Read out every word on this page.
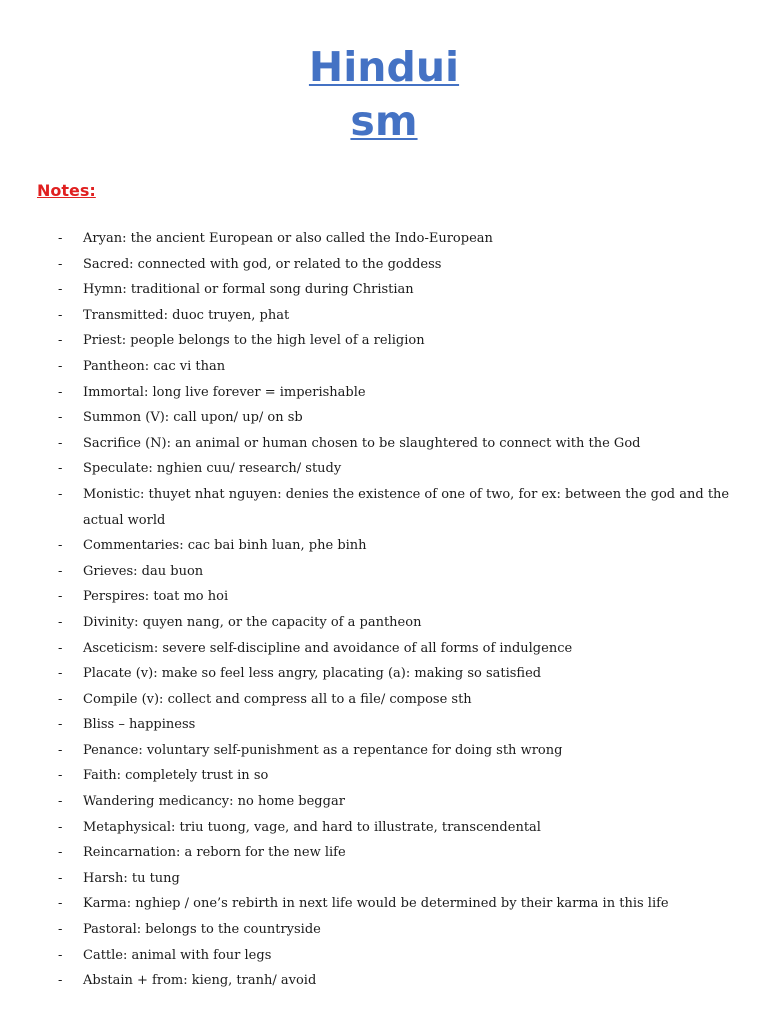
Hindui
sm
Notes:
- Aryan: the ancient European or also called the Indo-European
- Sacred: connected with god, or related to the goddess
- Hymn: traditional or formal song during Christian
- Transmitted: duoc truyen, phat
- Priest: people belongs to the high level of a religion
- Pantheon: cac vi than
- Immortal: long live forever = imperishable
- Summon (V): call upon/ up/ on sb
- Sacrifice (N): an animal or human chosen to be slaughtered to connect with the God
- Speculate: nghien cuu/ research/ study
- Monistic: thuyet nhat nguyen: denies the existence of one of two, for ex: between the god and the actual world
- Commentaries: cac bai binh luan, phe binh
- Grieves: dau buon
- Perspires: toat mo hoi
- Divinity: quyen nang, or the capacity of a pantheon
- Asceticism: severe self-discipline and avoidance of all forms of indulgence
- Placate (v): make so feel less angry, placating (a): making so satisfied
- Compile (v): collect and compress all to a file/ compose sth
- Bliss – happiness
- Penance: voluntary self-punishment as a repentance for doing sth wrong
- Faith: completely trust in so
- Wandering medicancy: no home beggar
- Metaphysical: triu tuong, vage, and hard to illustrate, transcendental
- Reincarnation: a reborn for the new life
- Harsh: tu tung
- Karma: nghiep / one’s rebirth in next life would be determined by their karma in this life
- Pastoral: belongs to the countryside
- Cattle: animal with four legs
- Abstain + from: kieng, tranh/ avoid
